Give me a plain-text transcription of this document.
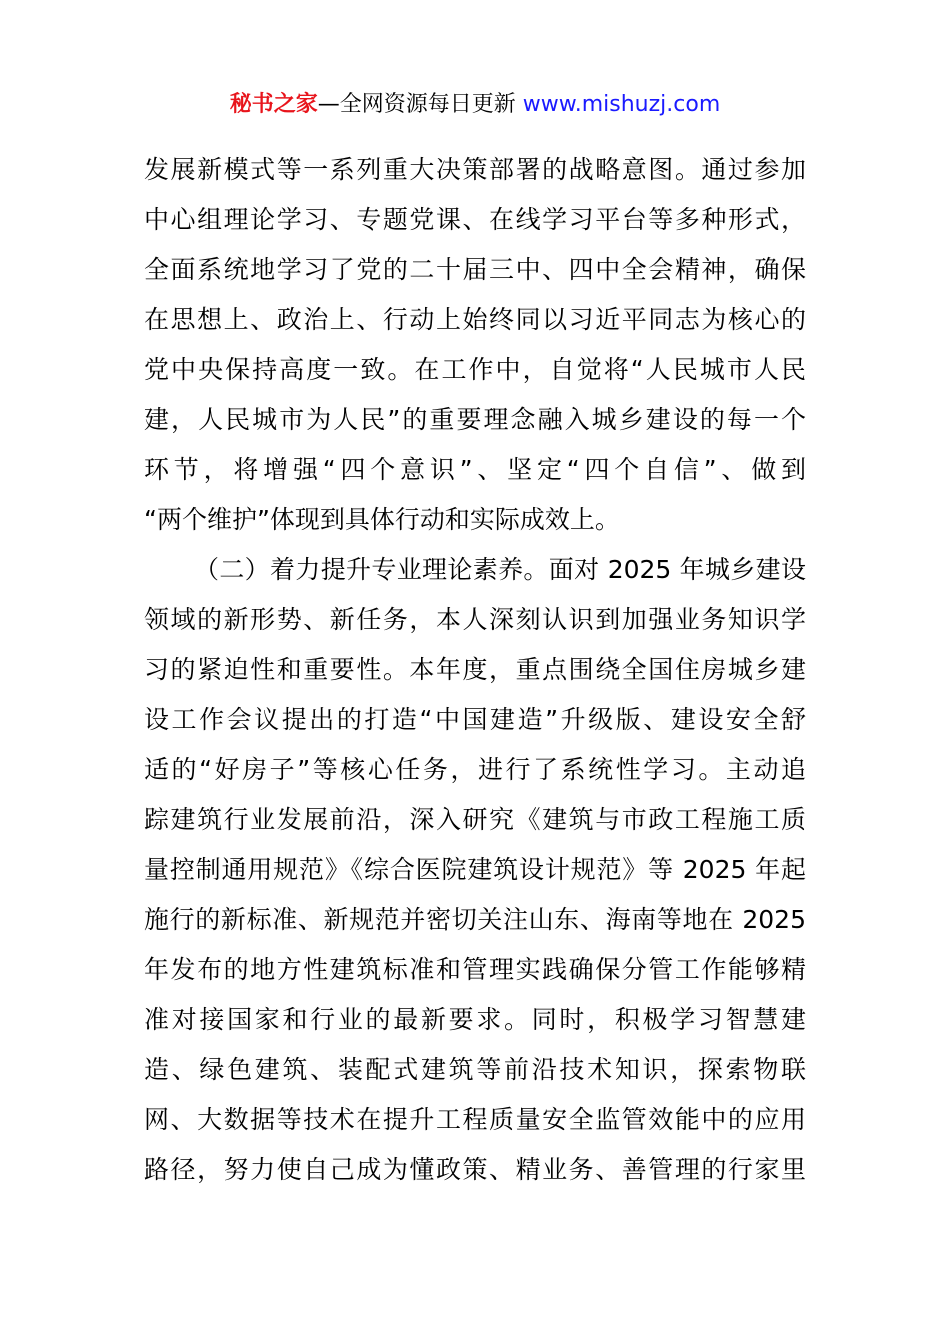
秘书之家—全网资源每日更新 www.mishuzj.com
发展新模式等一系列重大决策部署的战略意图。通过参加
中心组理论学习、专题党课、在线学习平台等多种形式，
全面系统地学习了党的二十届三中、四中全会精神，确保
在思想上、政治上、行动上始终同以习近平同志为核心的
党中央保持高度一致。在工作中，自觉将“人民城市人民
建，人民城市为人民”的重要理念融入城乡建设的每一个
环节，将增强“四个意识”、坚定“四个自信”、做到
“两个维护”体现到具体行动和实际成效上。
（二）着力提升专业理论素养。面对 2025 年城乡建设
领域的新形势、新任务，本人深刻认识到加强业务知识学
习的紧迫性和重要性。本年度，重点围绕全国住房城乡建
设工作会议提出的打造“中国建造”升级版、建设安全舒
适的“好房子”等核心任务，进行了系统性学习。主动追
踪建筑行业发展前沿，深入研究《建筑与市政工程施工质
量控制通用规范》《综合医院建筑设计规范》等 2025 年起
施行的新标准、新规范并密切关注山东、海南等地在 2025
年发布的地方性建筑标准和管理实践确保分管工作能够精
准对接国家和行业的最新要求。同时，积极学习智慧建
造、绿色建筑、装配式建筑等前沿技术知识，探索物联
网、大数据等技术在提升工程质量安全监管效能中的应用
路径，努力使自己成为懂政策、精业务、善管理的行家里
